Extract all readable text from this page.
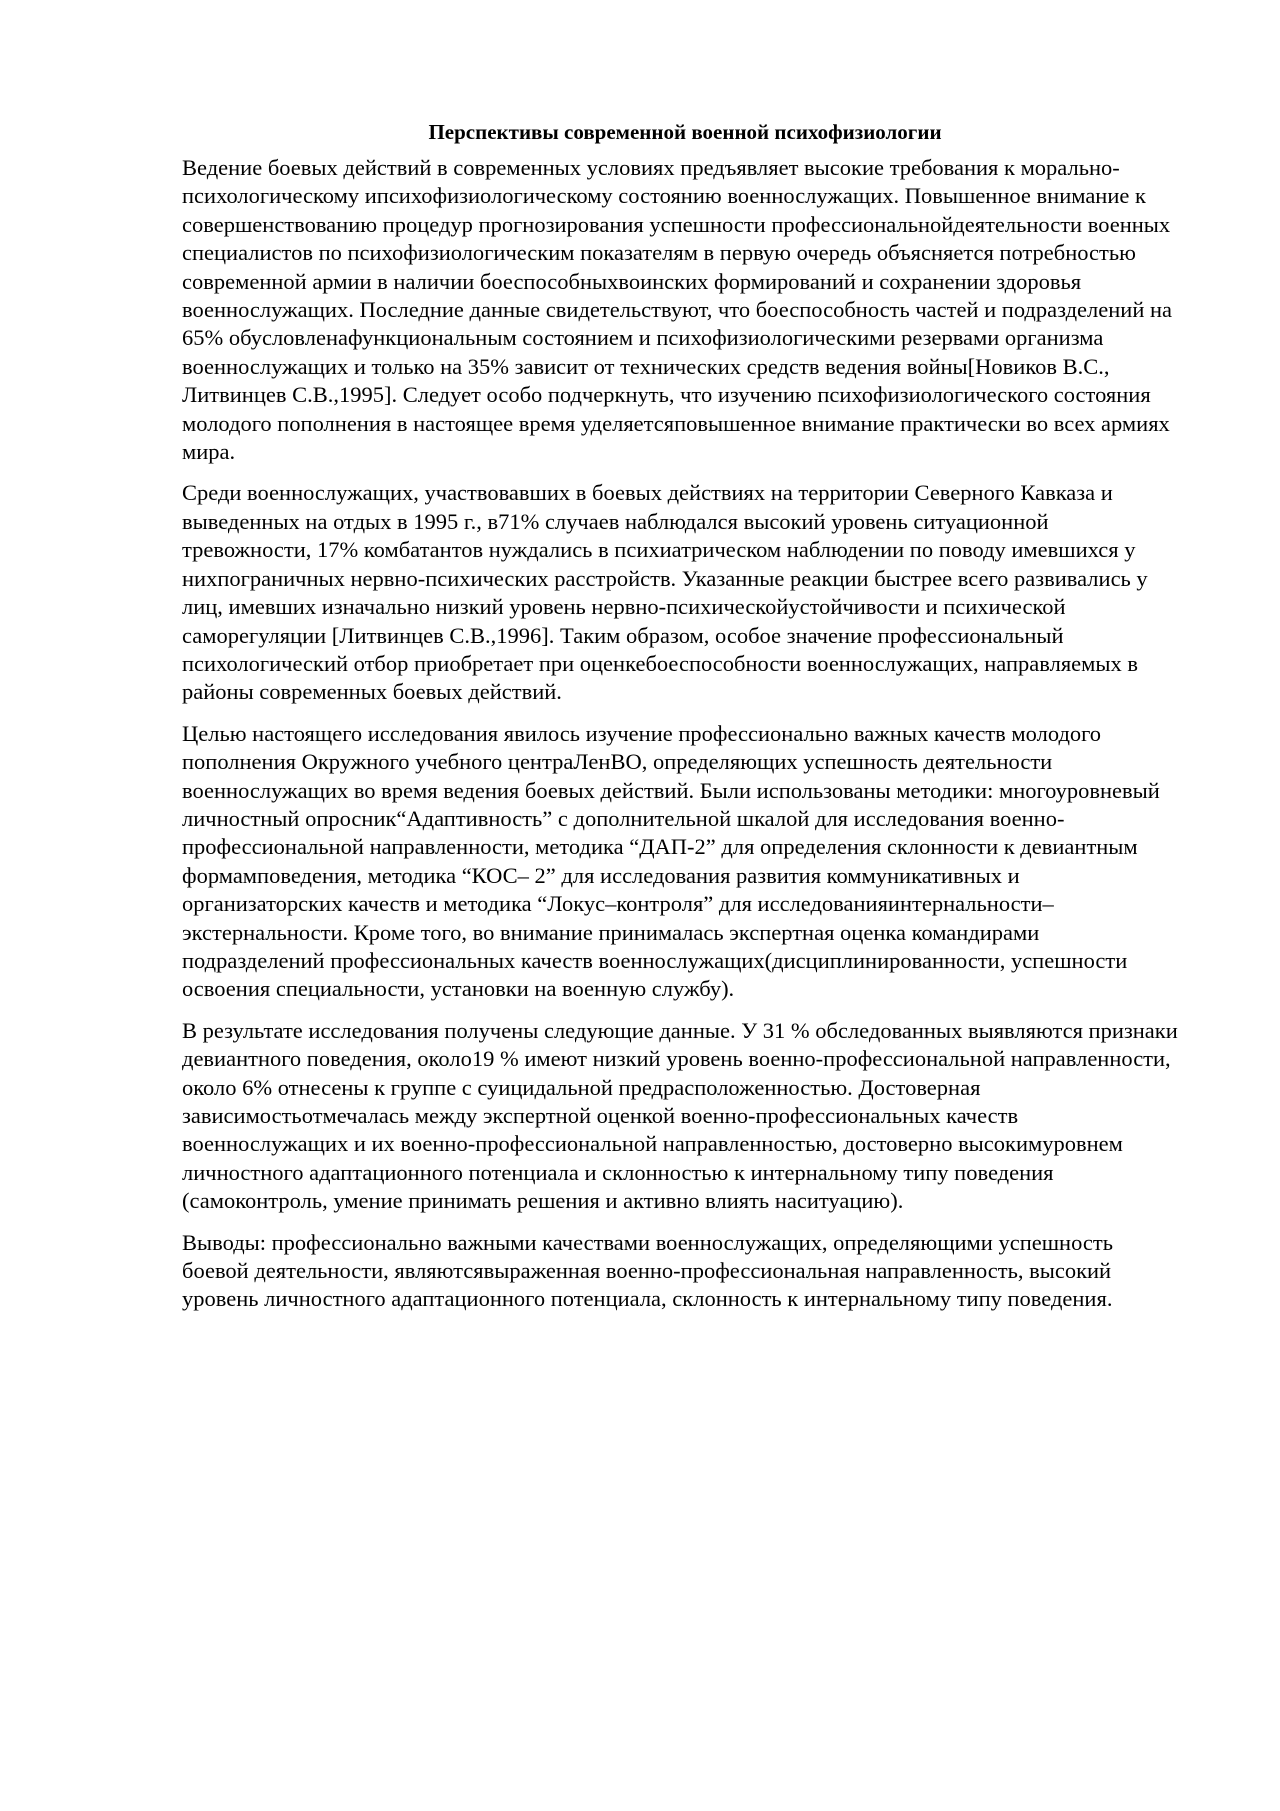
Перспективы современной военной психофизиологии

Ведение боевых действий в современных условиях предъявляет высокие требования к морально-психологическому ипсихофизиологическому состоянию военнослужащих. Повышенное внимание к совершенствованию процедур прогнозирования успешности профессиональнойдеятельности военных специалистов по психофизиологическим показателям в первую очередь объясняется потребностью современной армии в наличии боеспособныхвоинских формирований и сохранении здоровья военнослужащих. Последние данные свидетельствуют, что боеспособность частей и подразделений на 65% обусловленафункциональным состоянием и психофизиологическими резервами организма военнослужащих и только на 35% зависит от технических средств ведения войны[Новиков В.С., Литвинцев С.В.,1995]. Следует особо подчеркнуть, что изучению психофизиологического состояния молодого пополнения в настоящее время уделяетсяповышенное внимание практически во всех армиях мира.

Среди военнослужащих, участвовавших в боевых действиях на территории Северного Кавказа и выведенных на отдых в 1995 г., в71% случаев наблюдался высокий уровень ситуационной тревожности, 17% комбатантов нуждались в психиатрическом наблюдении по поводу имевшихся у нихпограничных нервно-психических расстройств. Указанные реакции быстрее всего развивались у лиц, имевших изначально низкий уровень нервно-психическойустойчивости и психической саморегуляции [Литвинцев С.В.,1996]. Таким образом, особое значение профессиональный психологический отбор приобретает при оценкебоеспособности военнослужащих, направляемых в районы современных боевых действий.

Целью настоящего исследования явилось изучение профессионально важных качеств молодого пополнения Окружного учебного центраЛенВО, определяющих успешность деятельности военнослужащих во время ведения боевых действий. Были использованы методики: многоуровневый личностный опросник“Адаптивность” с дополнительной шкалой для исследования военно-профессиональной направленности, методика “ДАП-2” для определения склонности к девиантным формамповедения, методика “КОС– 2” для исследования развития коммуникативных и организаторских качеств и методика “Локус–контроля” для исследованияинтернальности– экстернальности. Кроме того, во внимание принималась экспертная оценка командирами подразделений профессиональных качеств военнослужащих(дисциплинированности, успешности освоения специальности, установки на военную службу).

В результате исследования получены следующие данные. У 31 % обследованных выявляются признаки девиантного поведения, около19 % имеют низкий уровень военно-профессиональной направленности, около 6% отнесены к группе с суицидальной предрасположенностью. Достоверная зависимостьотмечалась между экспертной оценкой военно-профессиональных качеств военнослужащих и их военно-профессиональной направленностью, достоверно высокимуровнем личностного адаптационного потенциала и склонностью к интернальному типу поведения (самоконтроль, умение принимать решения и активно влиять наситуацию).

Выводы: профессионально важными качествами военнослужащих, определяющими успешность боевой деятельности, являютсявыраженная военно-профессиональная направленность, высокий уровень личностного адаптационного потенциала, склонность к интернальному типу поведения.
